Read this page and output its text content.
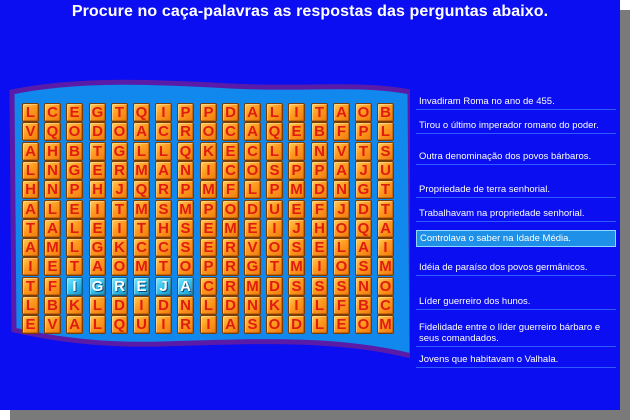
Procure no caça-palavras as respostas das perguntas abaixo.
L C E G T Q I P P D A L	I	T A O B
V Q O D O A C R O C A Q E B F P L
A H B T G L L Q K E C L	I	N V T S
L N G E R M A N	I C O S P P A J U
H N P H J Q R P M F L P M D N G T
A L E	I	T M S M P O D U E F J D T
T A L E I	T H S E M E I	J H O Q A
A M L G K C C S E R V O S E L A I
I E T A O M T O P R G T M I O S M
T F	I	G R E J A C R M D S S S N O
L B K L D I D N L D N K I	L F B C
E V A L Q U I R	I A S O D L E O M
Invadiram Roma no ano de 455.
Tirou o último imperador romano do poder.
Outra denominação dos povos bárbaros.
Propriedade de terra senhorial.
Trabalhavam na propriedade senhorial.
Controlava o saber na Idade Média.
Idéia de paraíso dos povos germânicos.
Líder guerreiro dos hunos.
Fidelidade entre o líder guerreiro bárbaro e seus comandados.
Jovens que habitavam o Valhala.
